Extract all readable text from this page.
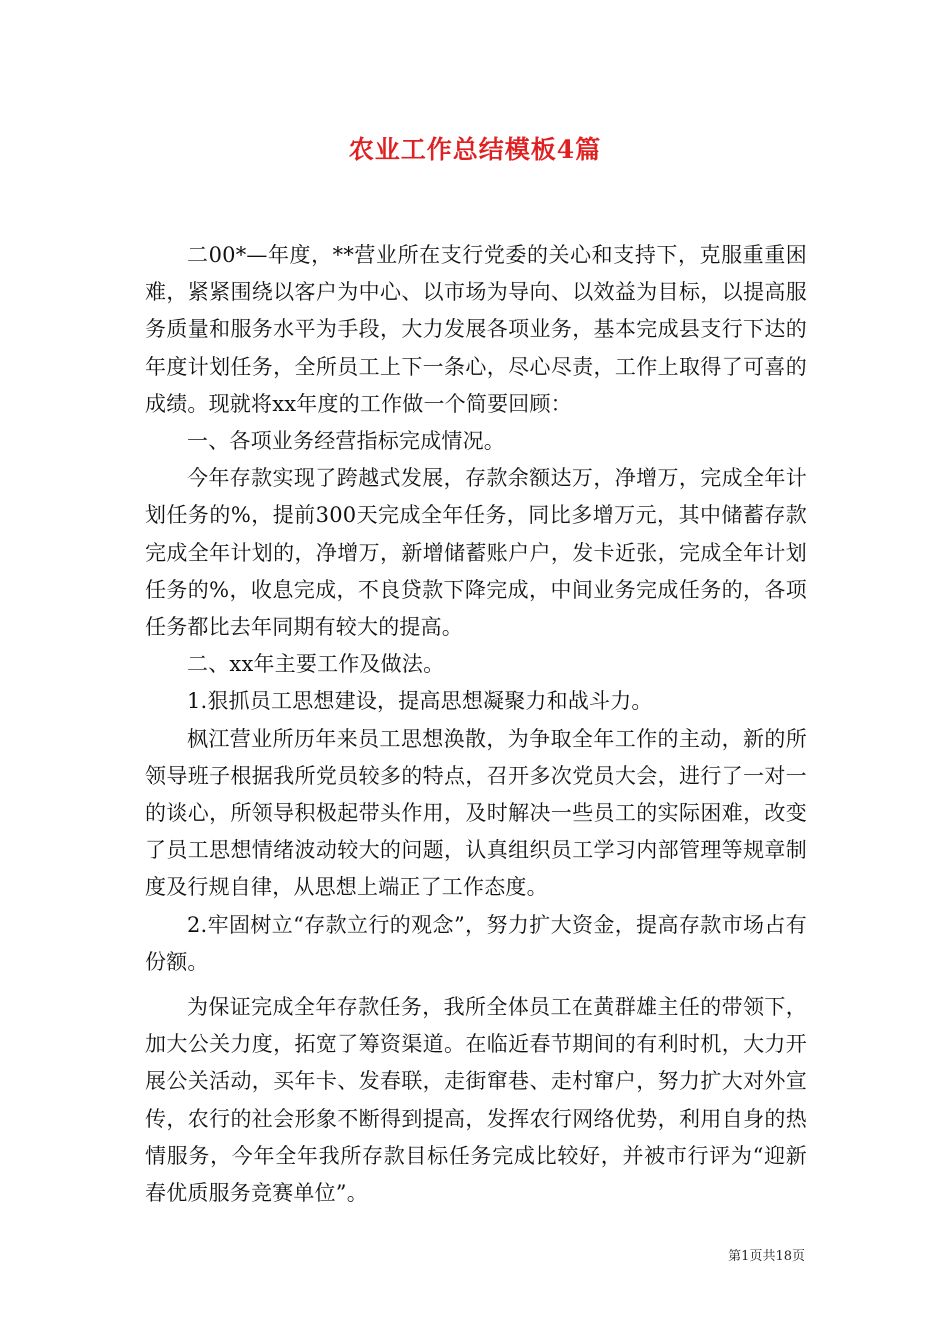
农业工作总结模板4篇

二00*—年度，**营业所在支行党委的关心和支持下，克服重重困难，紧紧围绕以客户为中心、以市场为导向、以效益为目标，以提高服务质量和服务水平为手段，大力发展各项业务，基本完成县支行下达的年度计划任务，全所员工上下一条心，尽心尽责，工作上取得了可喜的成绩。现就将xx年度的工作做一个简要回顾：

一、各项业务经营指标完成情况。

今年存款实现了跨越式发展，存款余额达万，净增万，完成全年计划任务的%，提前300天完成全年任务，同比多增万元，其中储蓄存款完成全年计划的，净增万，新增储蓄账户户，发卡近张，完成全年计划任务的%，收息完成，不良贷款下降完成，中间业务完成任务的，各项任务都比去年同期有较大的提高。

二、xx年主要工作及做法。

1.狠抓员工思想建设，提高思想凝聚力和战斗力。

枫江营业所历年来员工思想涣散，为争取全年工作的主动，新的所领导班子根据我所党员较多的特点，召开多次党员大会，进行了一对一的谈心，所领导积极起带头作用，及时解决一些员工的实际困难，改变了员工思想情绪波动较大的问题，认真组织员工学习内部管理等规章制度及行规自律，从思想上端正了工作态度。

2.牢固树立“存款立行的观念”，努力扩大资金，提高存款市场占有份额。

为保证完成全年存款任务，我所全体员工在黄群雄主任的带领下，加大公关力度，拓宽了筹资渠道。在临近春节期间的有利时机，大力开展公关活动，买年卡、发春联，走街窜巷、走村窜户，努力扩大对外宣传，农行的社会形象不断得到提高，发挥农行网络优势，利用自身的热情服务，今年全年我所存款目标任务完成比较好，并被市行评为“迎新春优质服务竞赛单位”。

第1页共18页
